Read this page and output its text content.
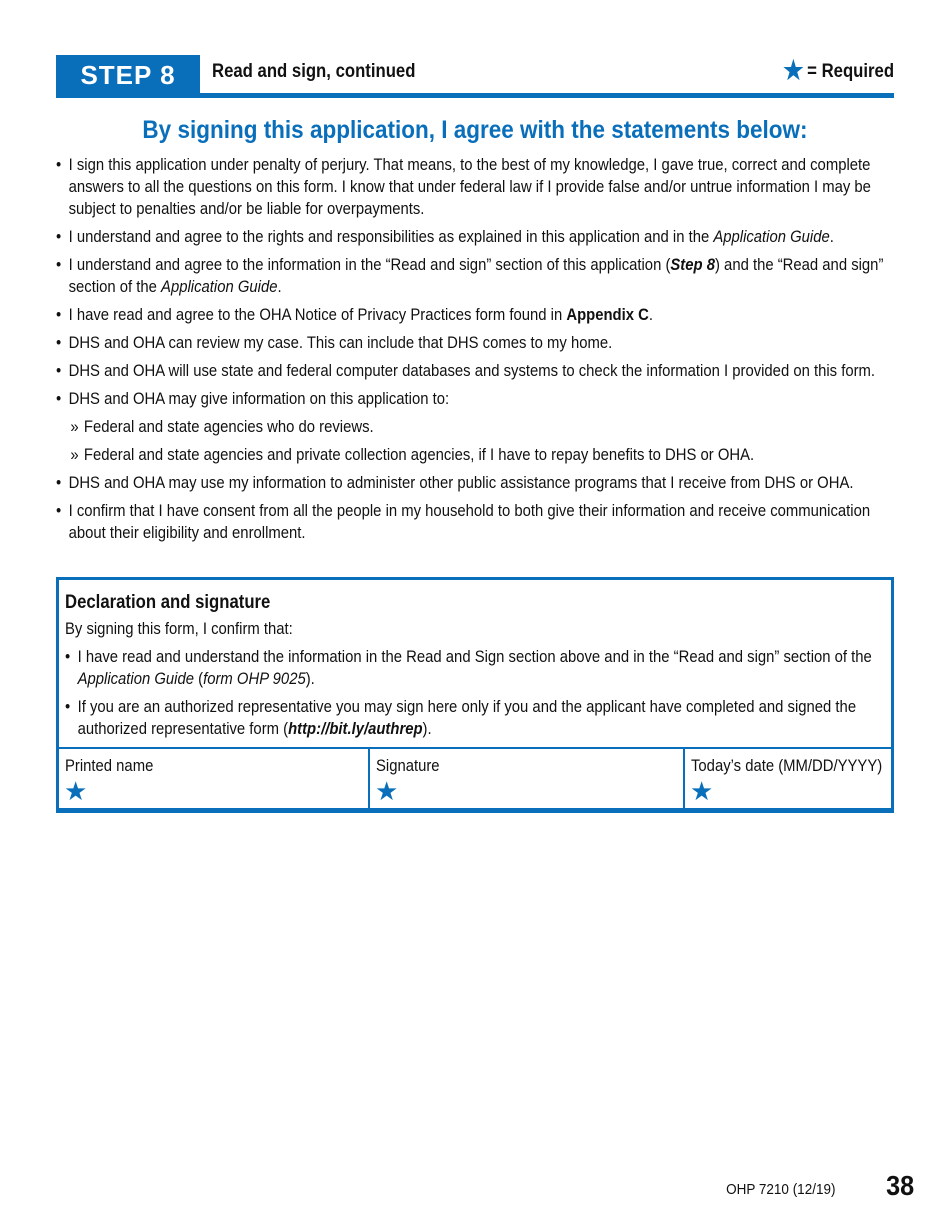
STEP 8	Read and sign, continued	★ = Required
By signing this application, I agree with the statements below:
• I sign this application under penalty of perjury. That means, to the best of my knowledge, I gave true, correct and complete answers to all the questions on this form. I know that under federal law if I provide false and/or untrue information I may be subject to penalties and/or be liable for overpayments.
• I understand and agree to the rights and responsibilities as explained in this application and in the Application Guide.
• I understand and agree to the information in the “Read and sign” section of this application (Step 8) and the “Read and sign” section of the Application Guide.
• I have read and agree to the OHA Notice of Privacy Practices form found in Appendix C.
• DHS and OHA can review my case. This can include that DHS comes to my home.
• DHS and OHA will use state and federal computer databases and systems to check the information I provided on this form.
• DHS and OHA may give information on this application to:
» Federal and state agencies who do reviews.
» Federal and state agencies and private collection agencies, if I have to repay benefits to DHS or OHA.
• DHS and OHA may use my information to administer other public assistance programs that I receive from DHS or OHA.
• I confirm that I have consent from all the people in my household to both give their information and receive communication about their eligibility and enrollment.
Declaration and signature
By signing this form, I confirm that:
• I have read and understand the information in the Read and Sign section above and in the “Read and sign” section of the Application Guide (form OHP 9025).
• If you are an authorized representative you may sign here only if you and the applicant have completed and signed the authorized representative form (http://bit.ly/authrep).
Printed name
★
Signature
★
Today’s date (MM/DD/YYYY)
★
OHP 7210 (12/19) 38
